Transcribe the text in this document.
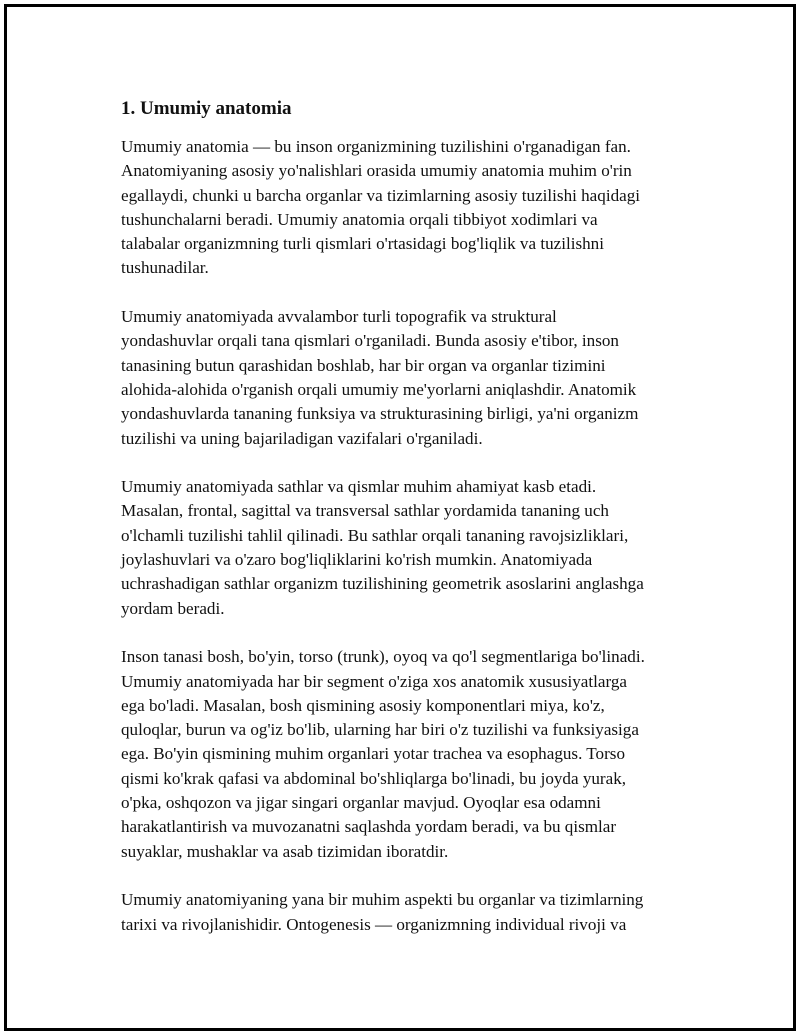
1. Umumiy anatomia

Umumiy anatomia — bu inson organizmining tuzilishini o'rganadigan fan.
Anatomiyaning asosiy yo'nalishlari orasida umumiy anatomia muhim o'rin
egallaydi, chunki u barcha organlar va tizimlarning asosiy tuzilishi haqidagi
tushunchalarni beradi. Umumiy anatomia orqali tibbiyot xodimlari va
talabalar organizmning turli qismlari o'rtasidagi bog'liqlik va tuzilishni
tushunadilar.

Umumiy anatomiyada avvalambor turli topografik va struktural
yondashuvlar orqali tana qismlari o'rganiladi. Bunda asosiy e'tibor, inson
tanasining butun qarashidan boshlab, har bir organ va organlar tizimini
alohida-alohida o'rganish orqali umumiy me'yorlarni aniqlashdir. Anatomik
yondashuvlarda tananing funksiya va strukturasining birligi, ya'ni organizm
tuzilishi va uning bajariladigan vazifalari o'rganiladi.

Umumiy anatomiyada sathlar va qismlar muhim ahamiyat kasb etadi.
Masalan, frontal, sagittal va transversal sathlar yordamida tananing uch
o'lchamli tuzilishi tahlil qilinadi. Bu sathlar orqali tananing ravojsizliklari,
joylashuvlari va o'zaro bog'liqliklarini ko'rish mumkin. Anatomiyada
uchrashadigan sathlar organizm tuzilishining geometrik asoslarini anglashga
yordam beradi.

Inson tanasi bosh, bo'yin, torso (trunk), oyoq va qo'l segmentlariga bo'linadi.
Umumiy anatomiyada har bir segment o'ziga xos anatomik xususiyatlarga
ega bo'ladi. Masalan, bosh qismining asosiy komponentlari miya, ko'z,
quloqlar, burun va og'iz bo'lib, ularning har biri o'z tuzilishi va funksiyasiga
ega. Bo'yin qismining muhim organlari yotar trachea va esophagus. Torso
qismi ko'krak qafasi va abdominal bo'shliqlarga bo'linadi, bu joyda yurak,
o'pka, oshqozon va jigar singari organlar mavjud. Oyoqlar esa odamni
harakatlantirish va muvozanatni saqlashda yordam beradi, va bu qismlar
suyaklar, mushaklar va asab tizimidan iboratdir.

Umumiy anatomiyaning yana bir muhim aspekti bu organlar va tizimlarning
tarixi va rivojlanishidir. Ontogenesis — organizmning individual rivoji va
